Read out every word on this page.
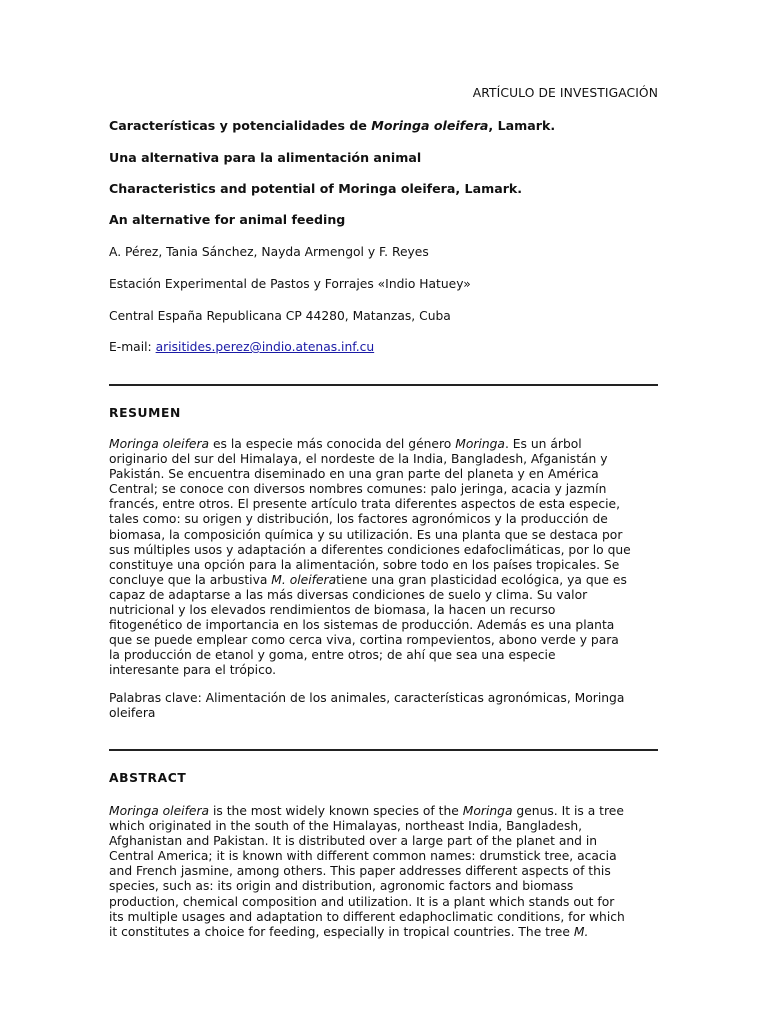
ARTÍCULO DE INVESTIGACIÓN
Características y potencialidades de Moringa oleifera, Lamark.
Una alternativa para la alimentación animal
Characteristics and potential of Moringa oleifera, Lamark.
An alternative for animal feeding
A. Pérez, Tania Sánchez, Nayda Armengol y F. Reyes
Estación Experimental de Pastos y Forrajes «Indio Hatuey»
Central España Republicana CP 44280, Matanzas, Cuba
E-mail: arisitides.perez@indio.atenas.inf.cu
RESUMEN
Moringa oleifera es la especie más conocida del género Moringa. Es un árbol
originario del sur del Himalaya, el nordeste de la India, Bangladesh, Afganistán y
Pakistán. Se encuentra diseminado en una gran parte del planeta y en América
Central; se conoce con diversos nombres comunes: palo jeringa, acacia y jazmín
francés, entre otros. El presente artículo trata diferentes aspectos de esta especie,
tales como: su origen y distribución, los factores agronómicos y la producción de
biomasa, la composición química y su utilización. Es una planta que se destaca por
sus múltiples usos y adaptación a diferentes condiciones edafoclimáticas, por lo que
constituye una opción para la alimentación, sobre todo en los países tropicales. Se
concluye que la arbustiva M. oleiferatiene una gran plasticidad ecológica, ya que es
capaz de adaptarse a las más diversas condiciones de suelo y clima. Su valor
nutricional y los elevados rendimientos de biomasa, la hacen un recurso
fitogenético de importancia en los sistemas de producción. Además es una planta
que se puede emplear como cerca viva, cortina rompevientos, abono verde y para
la producción de etanol y goma, entre otros; de ahí que sea una especie
interesante para el trópico.
Palabras clave: Alimentación de los animales, características agronómicas, Moringa
oleifera
ABSTRACT
Moringa oleifera is the most widely known species of the Moringa genus. It is a tree
which originated in the south of the Himalayas, northeast India, Bangladesh,
Afghanistan and Pakistan. It is distributed over a large part of the planet and in
Central America; it is known with different common names: drumstick tree, acacia
and French jasmine, among others. This paper addresses different aspects of this
species, such as: its origin and distribution, agronomic factors and biomass
production, chemical composition and utilization. It is a plant which stands out for
its multiple usages and adaptation to different edaphoclimatic conditions, for which
it constitutes a choice for feeding, especially in tropical countries. The tree M.
